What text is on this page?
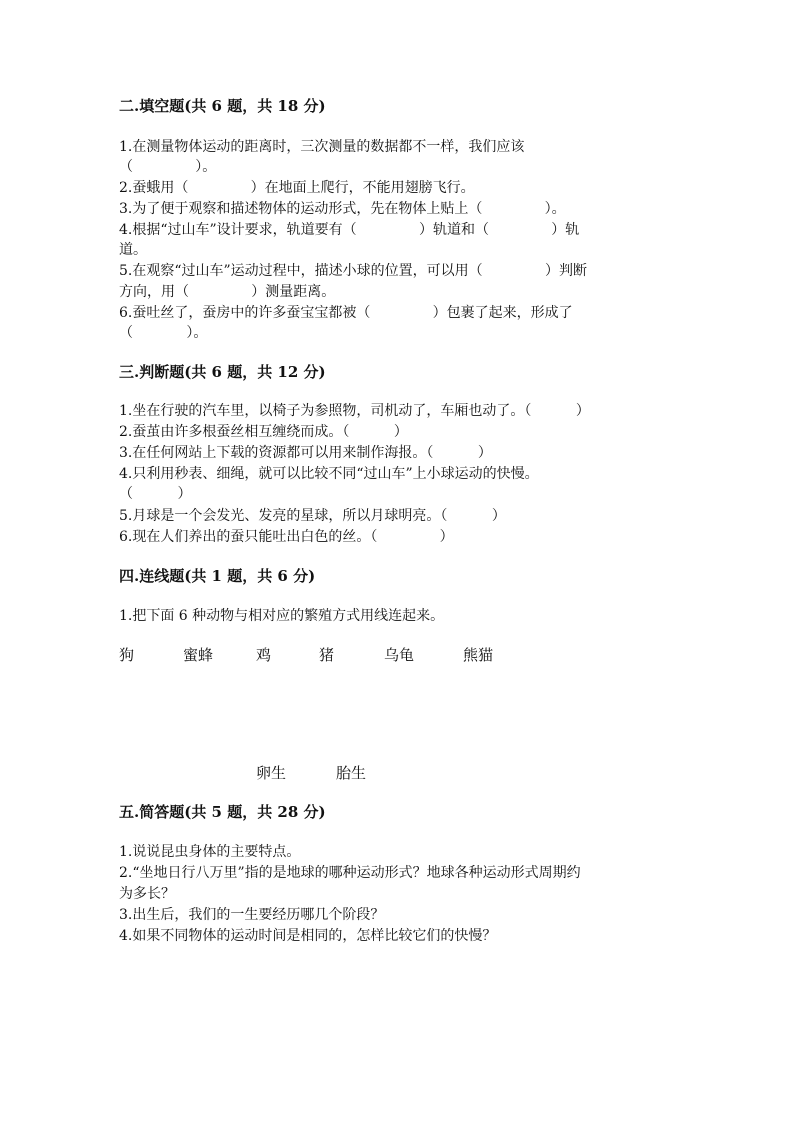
二.填空题(共 6 题，共 18 分)
1.在测量物体运动的距离时，三次测量的数据都不一样，我们应该
（              ）。
2.蚕蛾用（              ）在地面上爬行，不能用翅膀飞行。
3.为了便于观察和描述物体的运动形式，先在物体上贴上（              ）。
4.根据“过山车”设计要求，轨道要有（              ）轨道和（              ）轨
道。
5.在观察“过山车”运动过程中，描述小球的位置，可以用（              ）判断
方向，用（              ）测量距离。
6.蚕吐丝了，蚕房中的许多蚕宝宝都被（              ）包裹了起来，形成了
（            ）。
三.判断题(共 6 题，共 12 分)
1.坐在行驶的汽车里，以椅子为参照物，司机动了，车厢也动了。（          ）
2.蚕茧由许多根蚕丝相互缠绕而成。（          ）
3.在任何网站上下载的资源都可以用来制作海报。（          ）
4.只利用秒表、细绳，就可以比较不同“过山车”上小球运动的快慢。
（          ）
5.月球是一个会发光、发亮的星球，所以月球明亮。（          ）
6.现在人们养出的蚕只能吐出白色的丝。（              ）
四.连线题(共 1 题，共 6 分)
1.把下面 6 种动物与相对应的繁殖方式用线连起来。
狗	蜜蜂	鸡	猪	乌龟	熊猫
卵生	胎生
五.简答题(共 5 题，共 28 分)
1.说说昆虫身体的主要特点。
2.“坐地日行八万里”指的是地球的哪种运动形式？地球各种运动形式周期约
为多长？
3.出生后，我们的一生要经历哪几个阶段？
4.如果不同物体的运动时间是相同的，怎样比较它们的快慢？
